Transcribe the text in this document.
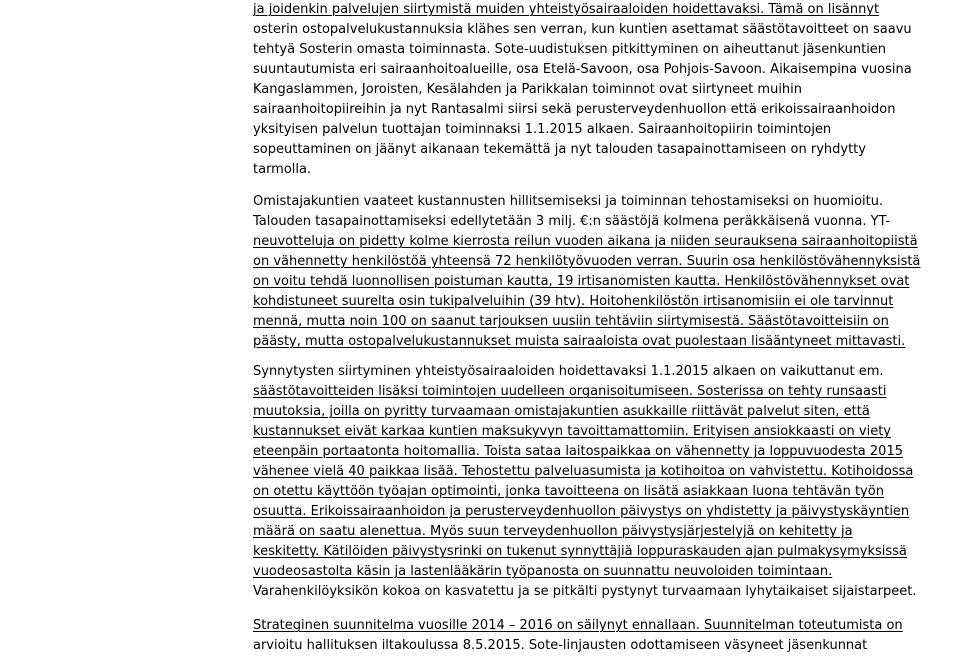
ja joidenkin palvelujen siirtymistä muiden yhteistyösairaaloiden hoidettavaksi. Tämä on lisännyt
osterin ostopalvelukustannuksia klähes sen verran, kun kuntien asettamat säästötavoitteet on saavu
tehtyä Sosterin omasta toiminnasta. Sote-uudistuksen pitkittyminen on aiheuttanut jäsenkuntien
suuntautumista eri sairaanhoitoalueille, osa Etelä-Savoon, osa Pohjois-Savoon. Aikaisempina vuosina
Kangaslammen, Joroisten, Kesälahden ja Parikkalan toiminnot ovat siirtyneet muihin
sairaanhoitopiireihin ja nyt Rantasalmi siirsi sekä perusterveydenhuollon että erikoissairaanhoidon
yksityisen palvelun tuottajan toiminnaksi 1.1.2015 alkaen. Sairaanhoitopiirin toimintojen
sopeuttaminen on jäänyt aikanaan tekemättä ja nyt talouden tasapainottamiseen on ryhdytty
tarmolla.
Omistajakuntien vaateet kustannusten hillitsemiseksi ja toiminnan tehostamiseksi on huomioitu.
Talouden tasapainottamiseksi edellytetään 3 milj. €:n säästöjä kolmena peräkkäisenä vuonna. YT-
neuvotteluja on pidetty kolme kierrosta reilun vuoden aikana ja niiden seurauksena sairaanhoitopiistä
on vähennetty henkilöstöä yhteensä 72 henkilötyövuoden verran. Suurin osa henkilöstövähennyksistä
on voitu tehdä luonnollisen poistuman kautta, 19 irtisanomisten kautta. Henkilöstövähennykset ovat
kohdistuneet suurelta osin tukipalveluihin (39 htv). Hoitohenkilöstön irtisanomisiin ei ole tarvinnut
mennä, mutta noin 100 on saanut tarjouksen uusiin tehtäviin siirtymisestä. Säästötavoitteisiin on
päästy, mutta ostopalvelukustannukset muista sairaaloista ovat puolestaan lisääntyneet mittavasti.
Synnytysten siirtyminen yhteistyösairaaloiden hoidettavaksi 1.1.2015 alkaen on vaikuttanut em.
säästötavoitteiden lisäksi toimintojen uudelleen organisoitumiseen. Sosterissa on tehty runsaasti
muutoksia, joilla on pyritty turvaamaan omistajakuntien asukkaille riittävät palvelut siten, että
kustannukset eivät karkaa kuntien maksukyvyn tavoittamattomiin. Erityisen ansiokkaasti on viety
eteenpäin portaatonta hoitomallia. Toista sataa laitospaikkaa on vähennetty ja loppuvuodesta 2015
vähenee vielä 40 paikkaa lisää. Tehostettu palveluasumista ja kotihoitoa on vahvistettu. Kotihoidossa
on otettu käyttöön työajan optimointi, jonka tavoitteena on lisätä asiakkaan luona tehtävän työn
osuutta. Erikoissairaanhoidon ja perusterveydenhuollon päivystys on yhdistetty ja päivystyskäyntien
määrä on saatu alenettua. Myös suun terveydenhuollon päivystysjärjestelyjä on kehitetty ja
keskitetty. Kätilöiden päivystysrinki on tukenut synnyttäjiä loppuraskauden ajan pulmakysymyksissä
vuodeosastolta käsin ja lastenlääkärin työpanosta on suunnattu neuvoloiden toimintaan.
Varahenkilöyksikön kokoa on kasvatettu ja se pitkälti pystynyt turvaamaan lyhytaikaiset sijaistarpeet.
Strateginen suunnitelma vuosille 2014 – 2016 on säilynyt ennallaan. Suunnitelman toteutumista on
arvioitu hallituksen iltakoulussa 8.5.2015. Sote-linjausten odottamiseen väsyneet jäsenkunnat
